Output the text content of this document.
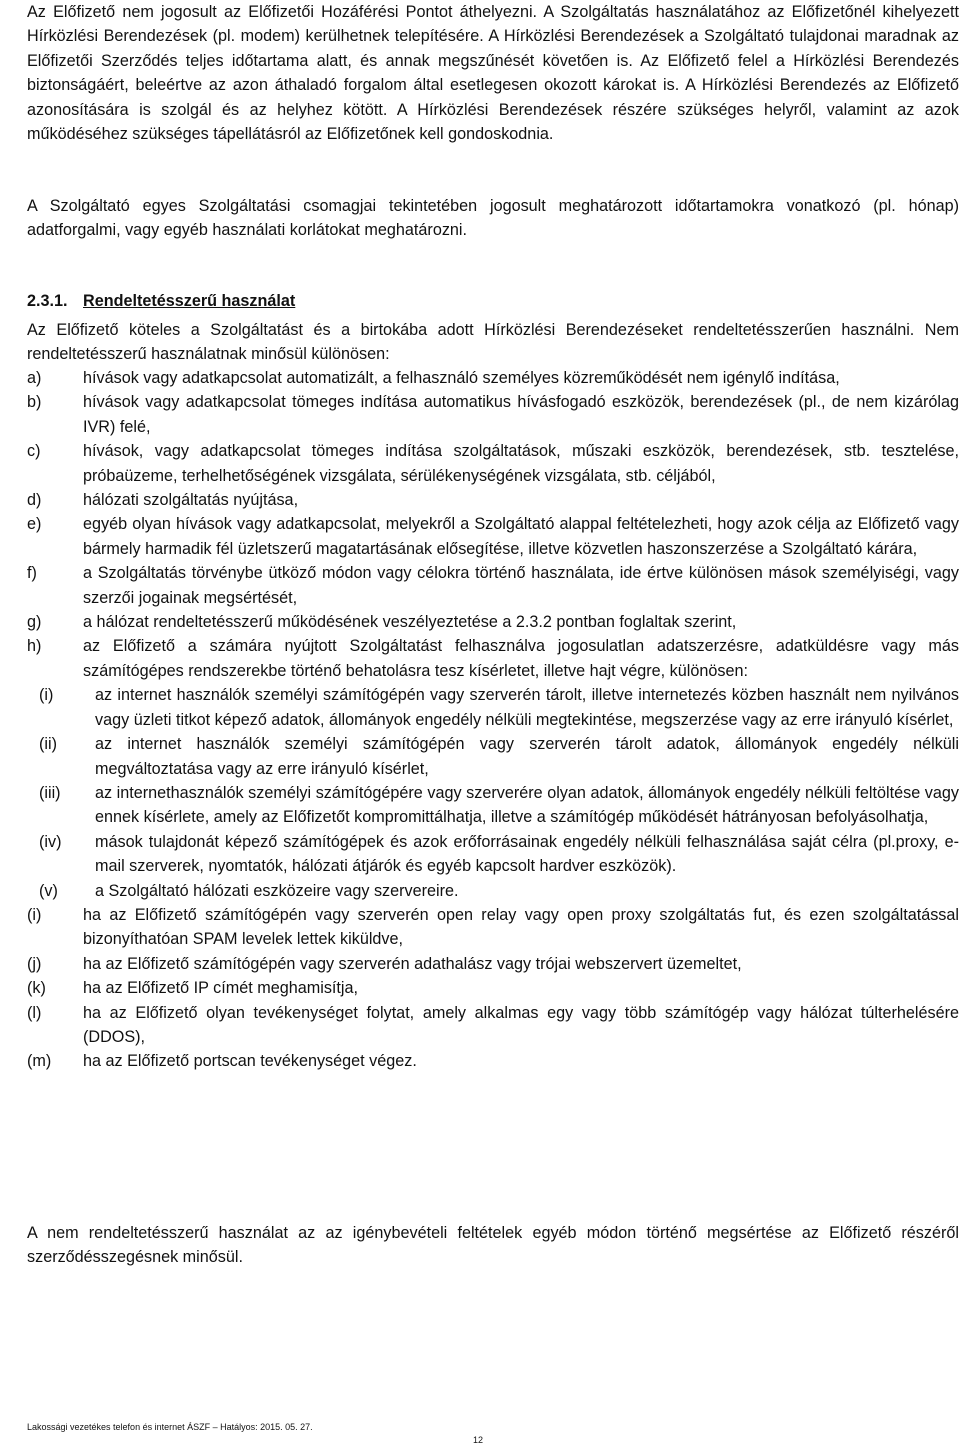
Az Előfizető nem jogosult az Előfizetői Hozáférési Pontot áthelyezni. A Szolgáltatás használatához az Előfizetőnél kihelyezett Hírközlési Berendezések (pl. modem) kerülhetnek telepítésére. A Hírközlési Berendezések a Szolgáltató tulajdonai maradnak az Előfizetői Szerződés teljes időtartama alatt, és annak megszűnését követően is. Az Előfizető felel a Hírközlési Berendezés biztonságáért, beleértve az azon áthaladó forgalom által esetlegesen okozott károkat is. A Hírközlési Berendezés az Előfizető azonosítására is szolgál és az helyhez kötött. A Hírközlési Berendezések részére szükséges helyről, valamint az azok működéséhez szükséges tápellátásról az Előfizetőnek kell gondoskodnia.

A Szolgáltató egyes Szolgáltatási csomagjai tekintetében jogosult meghatározott időtartamokra vonatkozó (pl. hónap) adatforgalmi, vagy egyéb használati korlátokat meghatározni.

2.3.1. Rendeltetésszerű használat

Az Előfizető köteles a Szolgáltatást és a birtokába adott Hírközlési Berendezéseket rendeltetésszerűen használni. Nem rendeltetésszerű használatnak minősül különösen:

a)	hívások vagy adatkapcsolat automatizált, a felhasználó személyes közreműködését nem igénylő indítása,
b)	hívások vagy adatkapcsolat tömeges indítása automatikus hívásfogadó eszközök, berendezések (pl., de nem kizárólag IVR) felé,
c)	hívások, vagy adatkapcsolat tömeges indítása szolgáltatások, műszaki eszközök, berendezések, stb. tesztelése, próbaüzeme, terhelhetőségének vizsgálata, sérülékenységének vizsgálata, stb. céljából,
d)	hálózati szolgáltatás nyújtása,
e)	egyéb olyan hívások vagy adatkapcsolat, melyekről a Szolgáltató alappal feltételezheti, hogy azok célja az Előfizető vagy bármely harmadik fél üzletszerű magatartásának elősegítése, illetve közvetlen haszonszerzése a Szolgáltató kárára,
f)	a Szolgáltatás törvénybe ütköző módon vagy célokra történő használata, ide értve különösen mások személyiségi, vagy szerzői jogainak megsértését,
g)	a hálózat rendeltetésszerű működésének veszélyeztetése a 2.3.2 pontban foglaltak szerint,
h)	az Előfizető a számára nyújtott Szolgáltatást felhasználva jogosulatlan adatszerzésre, adatküldésre vagy más számítógépes rendszerekbe történő behatolásra tesz kísérletet, illetve hajt végre, különösen:
(i)	az internet használók személyi számítógépén vagy szerverén tárolt, illetve internetezés közben használt nem nyilvános vagy üzleti titkot képező adatok, állományok engedély nélküli megtekintése, megszerzése vagy az erre irányuló kísérlet,
(ii) az internet használók személyi számítógépén vagy szerverén tárolt adatok, állományok engedély nélküli megváltoztatása vagy az erre irányuló kísérlet,
(iii) az internethasználók személyi számítógépére vagy szerverére olyan adatok, állományok engedély nélküli feltöltése vagy ennek kísérlete, amely az Előfizetőt kompromittálhatja, illetve a számítógép működését hátrányosan befolyásolhatja,
(iv) mások tulajdonát képező számítógépek és azok erőforrásainak engedély nélküli felhasználása saját célra (pl.proxy, e-mail szerverek, nyomtatók, hálózati átjárók és egyéb kapcsolt hardver eszközök).
(v) a Szolgáltató hálózati eszközeire vagy szervereire.
(i)	ha az Előfizető számítógépén vagy szerverén open relay vagy open proxy szolgáltatás fut, és ezen szolgáltatással bizonyíthatóan SPAM levelek lettek kiküldve,
(j)	ha az Előfizető számítógépén vagy szerverén adathalász vagy trójai webszervert üzemeltet,
(k) ha az Előfizető IP címét meghamisítja,
(l)	ha az Előfizető olyan tevékenységet folytat, amely alkalmas egy vagy több számítógép vagy hálózat túlterhelésére (DDOS),
(m) ha az Előfizető portscan tevékenységet végez.

A nem rendeltetésszerű használat az az igénybevételi feltételek egyéb módon történő megsértése az Előfizető részéről szerződésszegésnek minősül.

Lakossági vezetékes telefon és internet ÁSZF – Hatályos: 2015. 05. 27.
12
